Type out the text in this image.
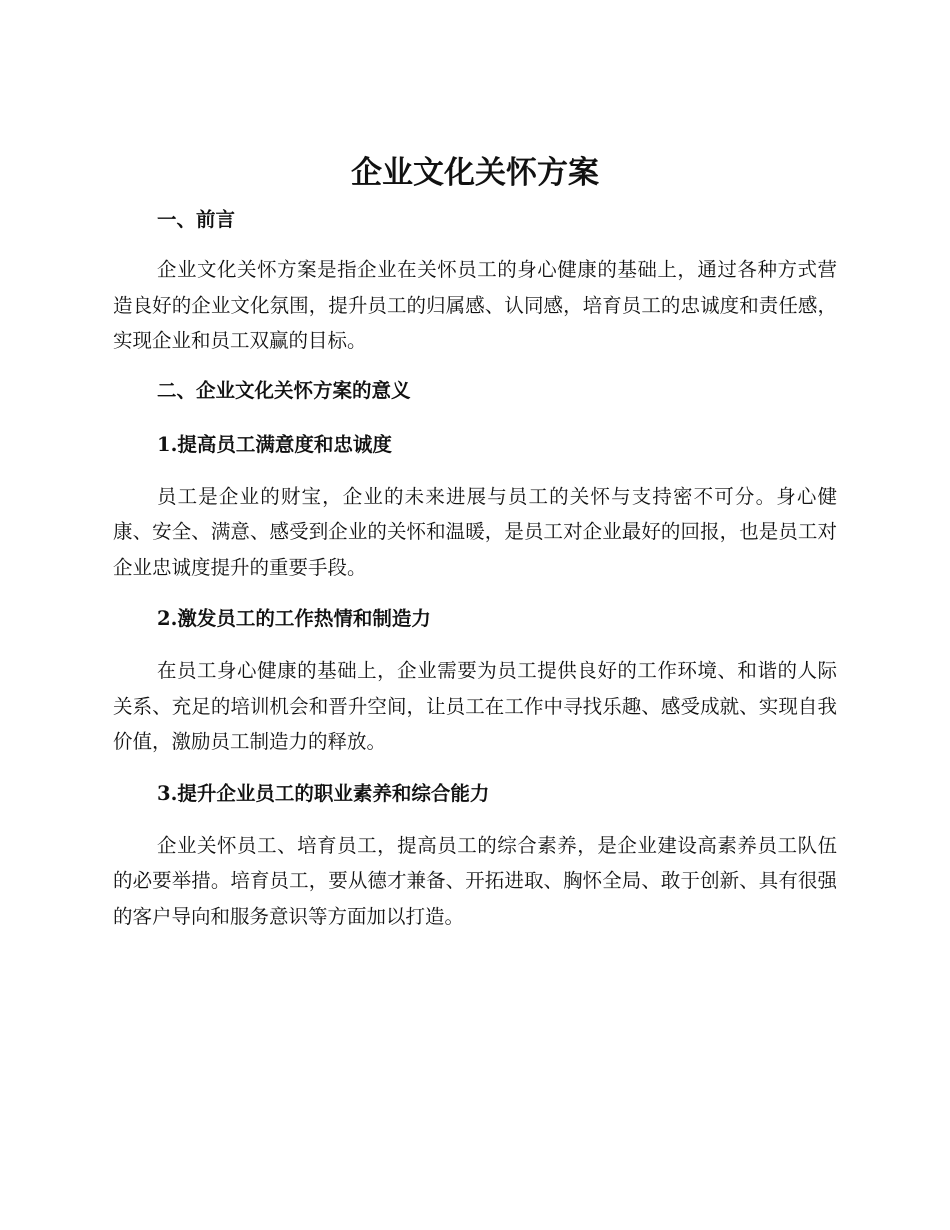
企业文化关怀方案
一、前言

企业文化关怀方案是指企业在关怀员工的身心健康的基础上，通过各种方式营造良好的企业文化氛围，提升员工的归属感、认同感，培育员工的忠诚度和责任感，实现企业和员工双赢的目标。

二、企业文化关怀方案的意义
1.提高员工满意度和忠诚度

员工是企业的财宝，企业的未来进展与员工的关怀与支持密不可分。身心健康、安全、满意、感受到企业的关怀和温暖，是员工对企业最好的回报，也是员工对企业忠诚度提升的重要手段。

2.激发员工的工作热情和制造力

在员工身心健康的基础上，企业需要为员工提供良好的工作环境、和谐的人际关系、充足的培训机会和晋升空间，让员工在工作中寻找乐趣、感受成就、实现自我价值，激励员工制造力的释放。

3.提升企业员工的职业素养和综合能力

企业关怀员工、培育员工，提高员工的综合素养，是企业建设高素养员工队伍的必要举措。培育员工，要从德才兼备、开拓进取、胸怀全局、敢于创新、具有很强的客户导向和服务意识等方面加以打造。
